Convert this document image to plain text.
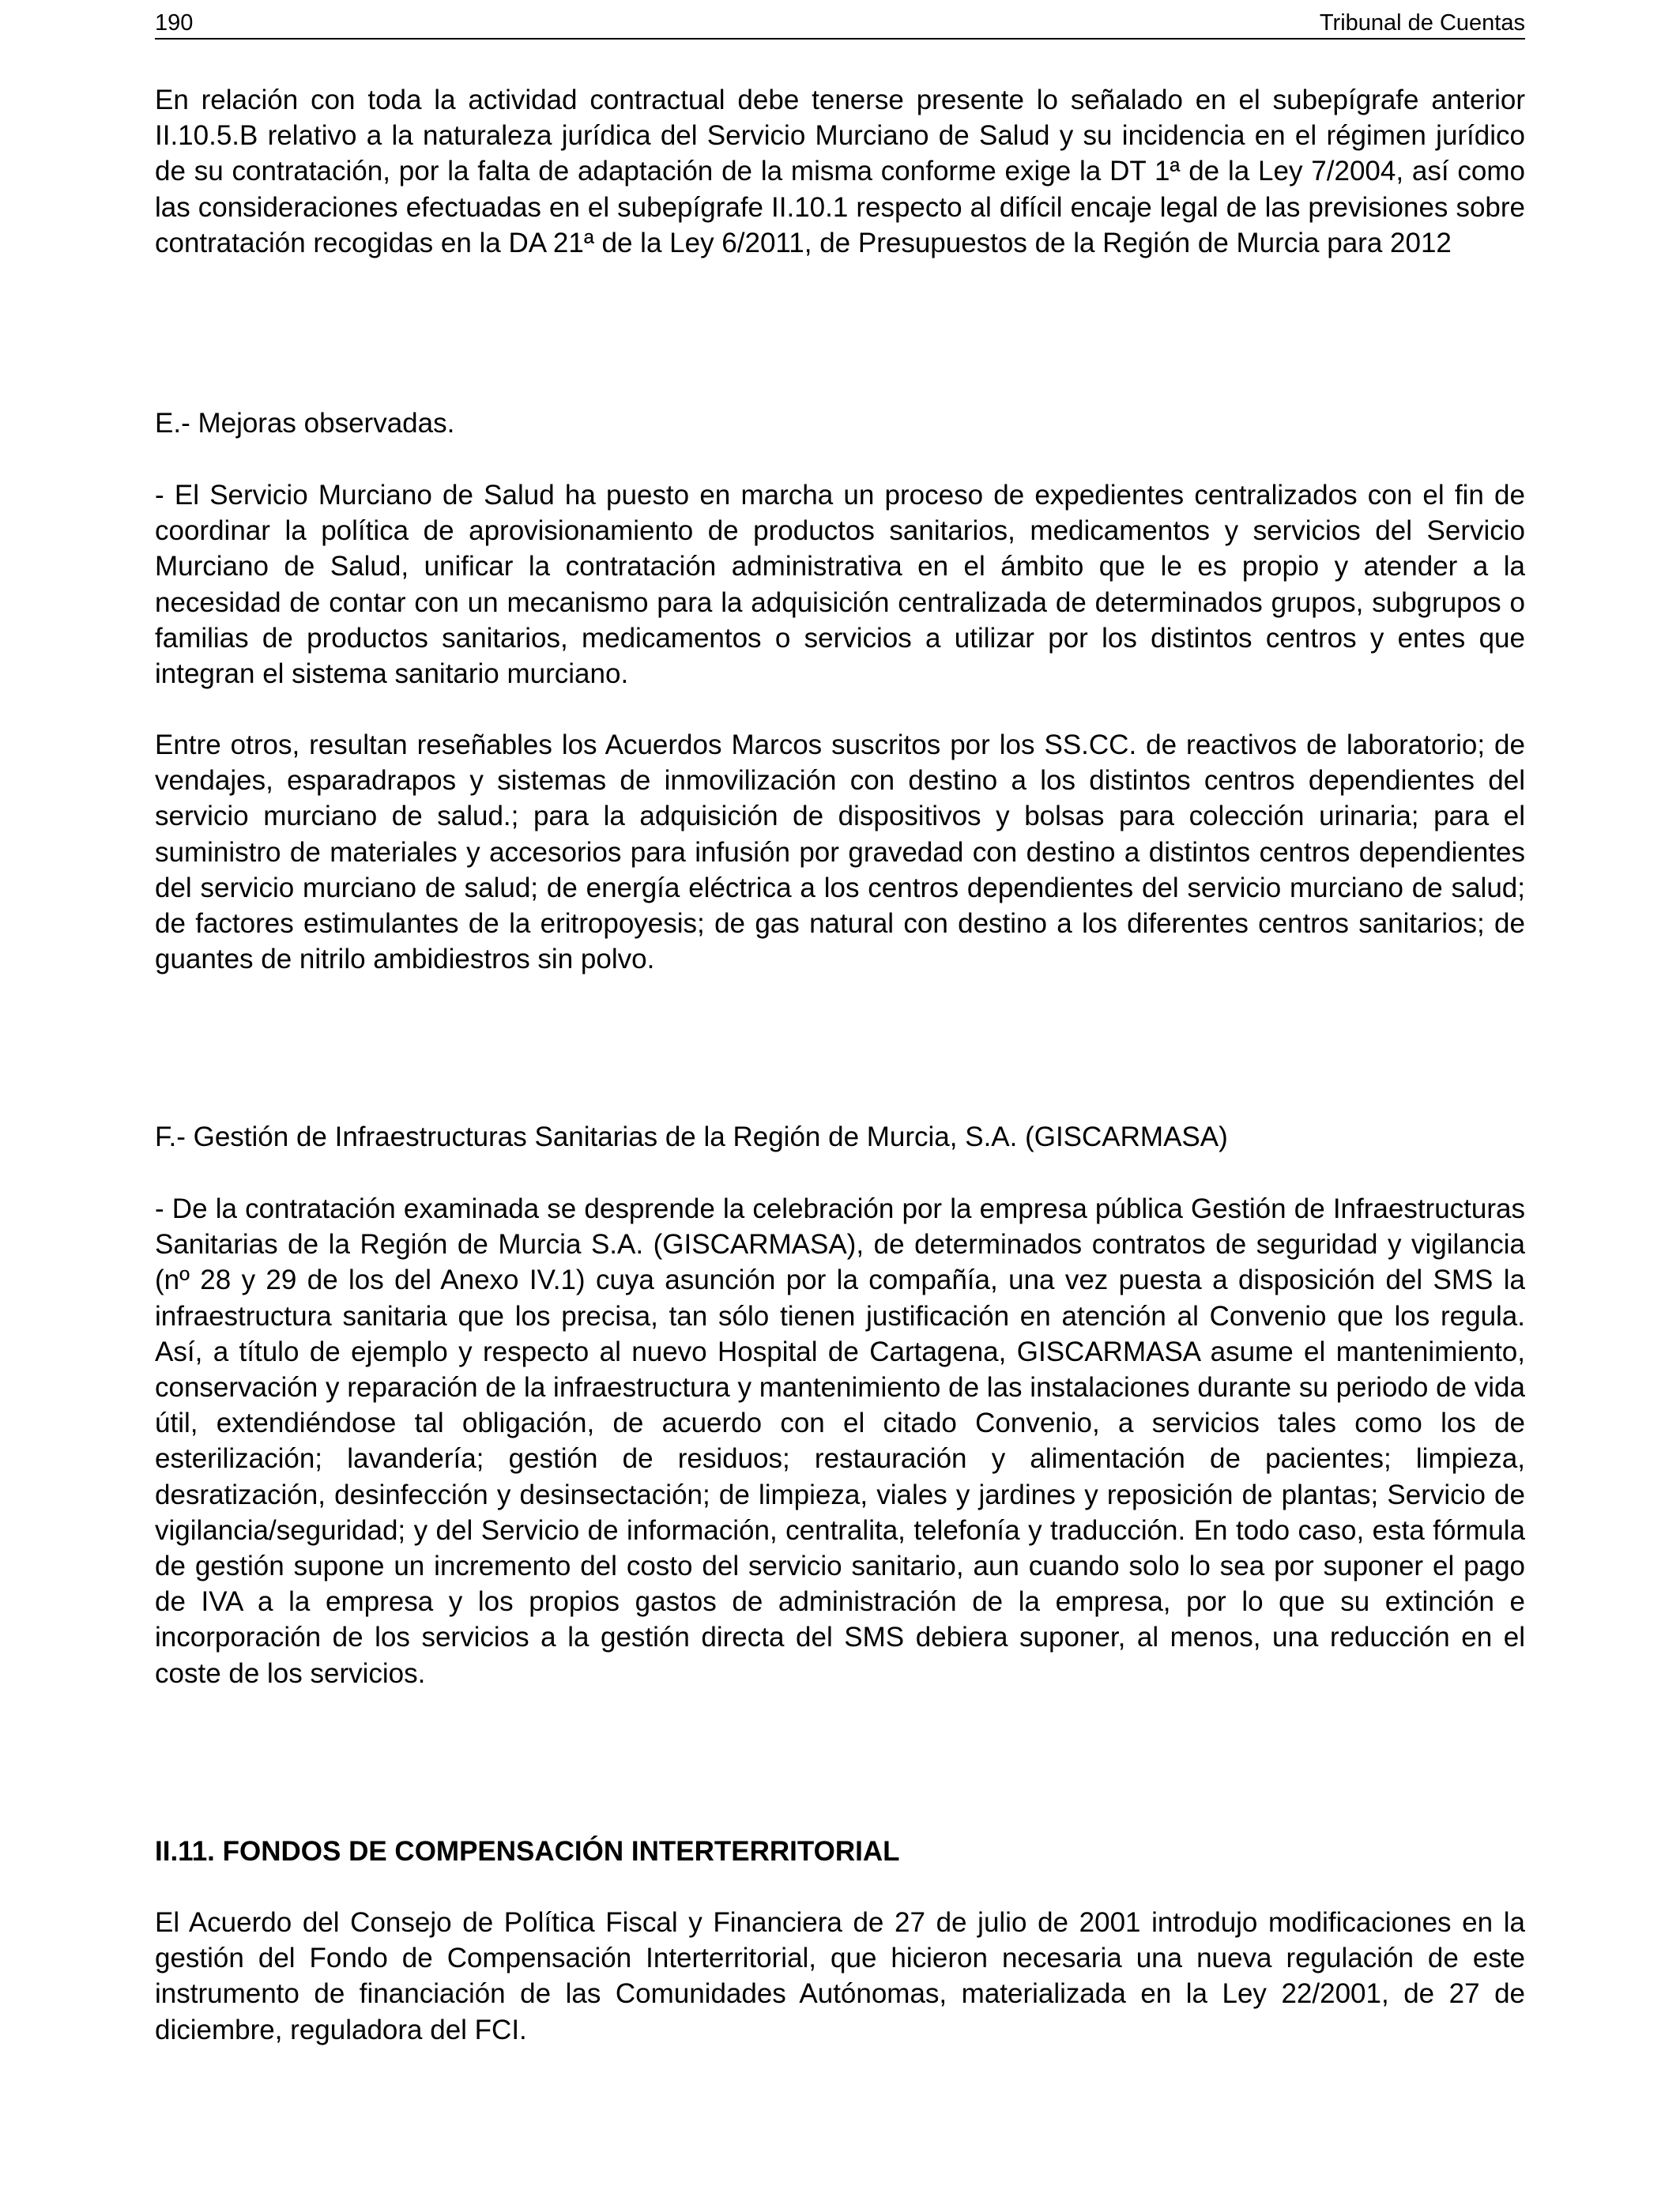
190	Tribunal de Cuentas

En relación con toda la actividad contractual debe tenerse presente lo señalado en el subepígrafe anterior II.10.5.B relativo a la naturaleza jurídica del Servicio Murciano de Salud y su incidencia en el régimen jurídico de su contratación, por la falta de adaptación de la misma conforme exige la DT 1ª de la Ley 7/2004, así como las consideraciones efectuadas en el subepígrafe II.10.1 respecto al difícil encaje legal de las previsiones sobre contratación recogidas en la DA 21ª de la Ley 6/2011, de Presupuestos de la Región de Murcia para 2012

E.- Mejoras observadas.

- El Servicio Murciano de Salud ha puesto en marcha un proceso de expedientes centralizados con el fin de coordinar la política de aprovisionamiento de productos sanitarios, medicamentos y servicios del Servicio Murciano de Salud, unificar la contratación administrativa en el ámbito que le es propio y atender a la necesidad de contar con un mecanismo para la adquisición centralizada de determinados grupos, subgrupos o familias de productos sanitarios, medicamentos o servicios a utilizar por los distintos centros y entes que integran el sistema sanitario murciano.

Entre otros, resultan reseñables los Acuerdos Marcos suscritos por los SS.CC. de reactivos de laboratorio; de vendajes, esparadrapos y sistemas de inmovilización con destino a los distintos centros dependientes del servicio murciano de salud.; para la adquisición de dispositivos y bolsas para colección urinaria; para el suministro de materiales y accesorios para infusión por gravedad con destino a distintos centros dependientes del servicio murciano de salud; de energía eléctrica a los centros dependientes del servicio murciano de salud; de factores estimulantes de la eritropoyesis; de gas natural con destino a los diferentes centros sanitarios; de guantes de nitrilo ambidiestros sin polvo.

F.- Gestión de Infraestructuras Sanitarias de la Región de Murcia, S.A. (GISCARMASA)

- De la contratación examinada se desprende la celebración por la empresa pública Gestión de Infraestructuras Sanitarias de la Región de Murcia S.A. (GISCARMASA), de determinados contratos de seguridad y vigilancia (nº 28 y 29 de los del Anexo IV.1) cuya asunción por la compañía, una vez puesta a disposición del SMS la infraestructura sanitaria que los precisa, tan sólo tienen justificación en atención al Convenio que los regula. Así, a título de ejemplo y respecto al nuevo Hospital de Cartagena, GISCARMASA asume el mantenimiento, conservación y reparación de la infraestructura y mantenimiento de las instalaciones durante su periodo de vida útil, extendiéndose tal obligación, de acuerdo con el citado Convenio, a servicios tales como los de esterilización; lavandería; gestión de residuos; restauración y alimentación de pacientes; limpieza, desratización, desinfección y desinsectación; de limpieza, viales y jardines y reposición de plantas; Servicio de vigilancia/seguridad; y del Servicio de información, centralita, telefonía y traducción. En todo caso, esta fórmula de gestión supone un incremento del costo del servicio sanitario, aun cuando solo lo sea por suponer el pago de IVA a la empresa y los propios gastos de administración de la empresa, por lo que su extinción e incorporación de los servicios a la gestión directa del SMS debiera suponer, al menos, una reducción en el coste de los servicios.

II.11. FONDOS DE COMPENSACIÓN INTERTERRITORIAL

El Acuerdo del Consejo de Política Fiscal y Financiera de 27 de julio de 2001 introdujo modificaciones en la gestión del Fondo de Compensación Interterritorial, que hicieron necesaria una nueva regulación de este instrumento de financiación de las Comunidades Autónomas, materializada en la Ley 22/2001, de 27 de diciembre, reguladora del FCI.
